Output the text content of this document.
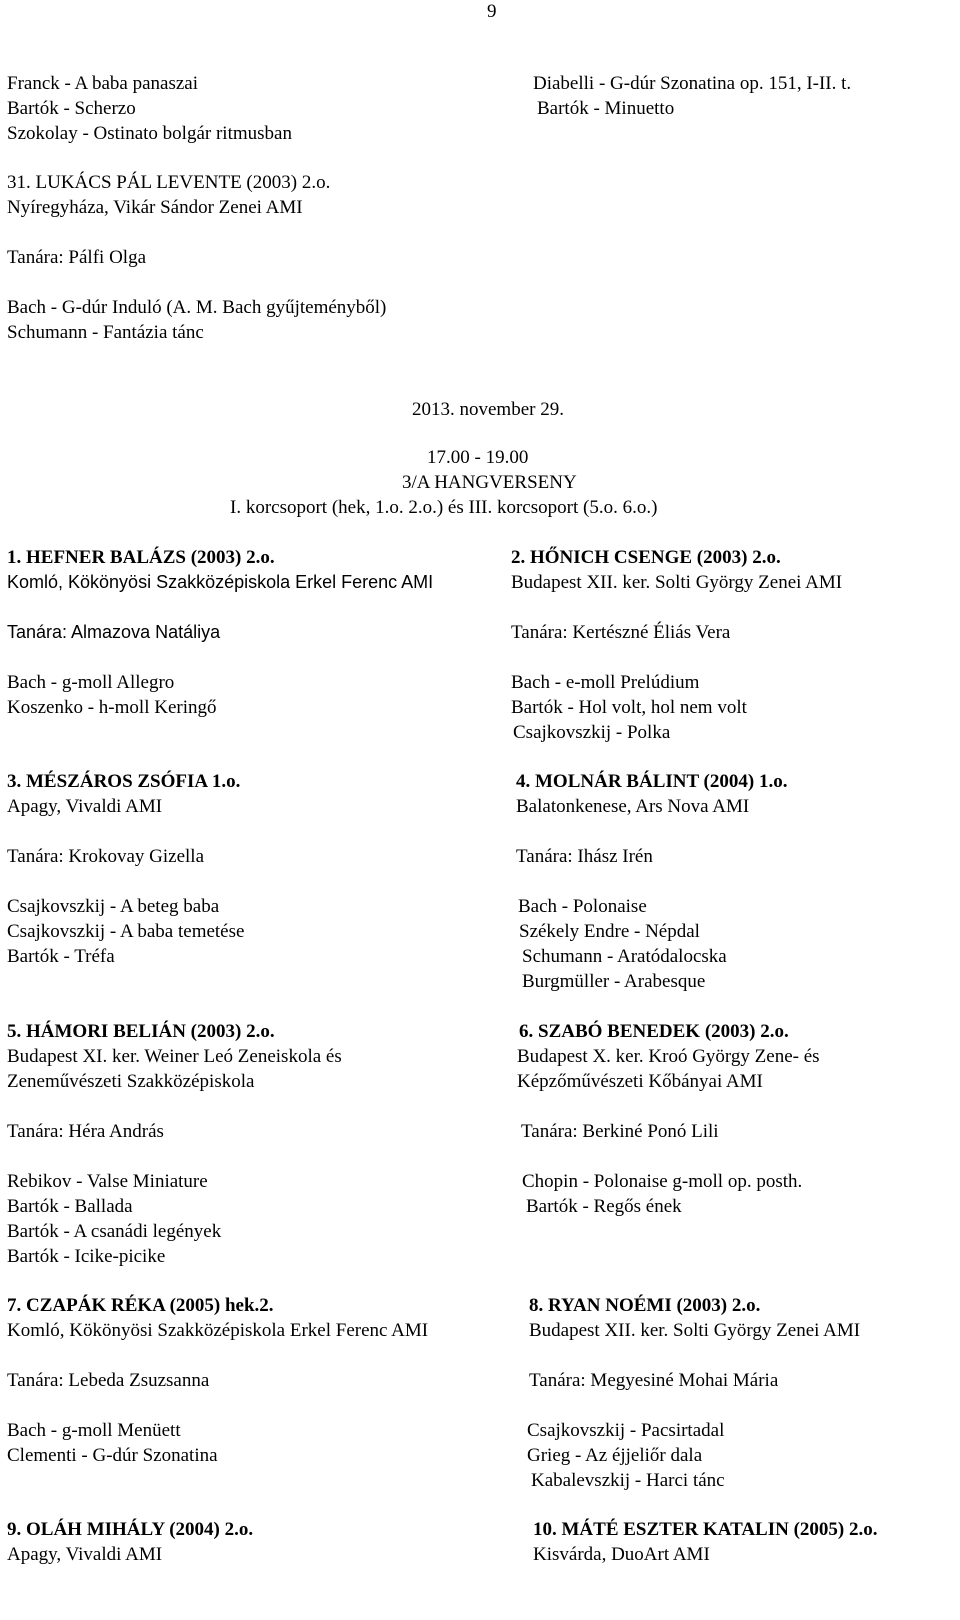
9
Franck - A baba panaszai
Bartók - Scherzo
Szokolay - Ostinato bolgár ritmusban
Diabelli - G-dúr Szonatina op. 151, I-II. t.
Bartók - Minuetto
31. LUKÁCS PÁL LEVENTE (2003) 2.o.
Nyíregyháza, Vikár Sándor Zenei AMI
Tanára: Pálfi Olga
Bach - G-dúr Induló (A. M. Bach gyűjteményből)
Schumann - Fantázia tánc
2013. november 29.
17.00 - 19.00
3/A HANGVERSENY
I. korcsoport (hek, 1.o. 2.o.) és III. korcsoport (5.o. 6.o.)
1. HEFNER BALÁZS (2003) 2.o.
Komló, Kökönyösi Szakközépiskola Erkel Ferenc AMI
Tanára: Almazova Natáliya
Bach - g-moll Allegro
Koszenko - h-moll Keringő
2. HŐNICH CSENGE (2003) 2.o.
Budapest XII. ker. Solti György Zenei AMI
Tanára: Kertészné Éliás Vera
Bach - e-moll Prelúdium
Bartók - Hol volt, hol nem volt
Csajkovszkij - Polka
3. MÉSZÁROS ZSÓFIA 1.o.
Apagy, Vivaldi AMI
Tanára: Krokovay Gizella
Csajkovszkij - A beteg baba
Csajkovszkij - A baba temetése
Bartók - Tréfa
4. MOLNÁR BÁLINT (2004) 1.o.
Balatonkenese, Ars Nova AMI
Tanára: Ihász Irén
Bach - Polonaise
Székely Endre - Népdal
Schumann - Aratódalocska
Burgmüller - Arabesque
5. HÁMORI BELIÁN (2003) 2.o.
Budapest XI. ker. Weiner Leó Zeneiskola és
Zeneművészeti Szakközépiskola
Tanára: Héra András
Rebikov - Valse Miniature
Bartók - Ballada
Bartók - A csanádi legények
Bartók - Icike-picike
6. SZABÓ BENEDEK (2003) 2.o.
Budapest X. ker. Kroó György Zene- és
Képzőművészeti Kőbányai AMI
Tanára: Berkiné Ponó Lili
Chopin - Polonaise g-moll op. posth.
Bartók - Regős ének
7. CZAPÁK RÉKA (2005) hek.2.
Komló, Kökönyösi Szakközépiskola Erkel Ferenc AMI
Tanára: Lebeda Zsuzsanna
Bach - g-moll Menüett
Clementi - G-dúr Szonatina
8. RYAN NOÉMI (2003) 2.o.
Budapest XII. ker. Solti György Zenei AMI
Tanára: Megyesiné Mohai Mária
Csajkovszkij - Pacsirtadal
Grieg - Az éjjeliőr dala
Kabalevszkij - Harci tánc
9. OLÁH MIHÁLY (2004) 2.o.
Apagy, Vivaldi AMI
10. MÁTÉ ESZTER KATALIN (2005) 2.o.
Kisvárda, DuoArt AMI
